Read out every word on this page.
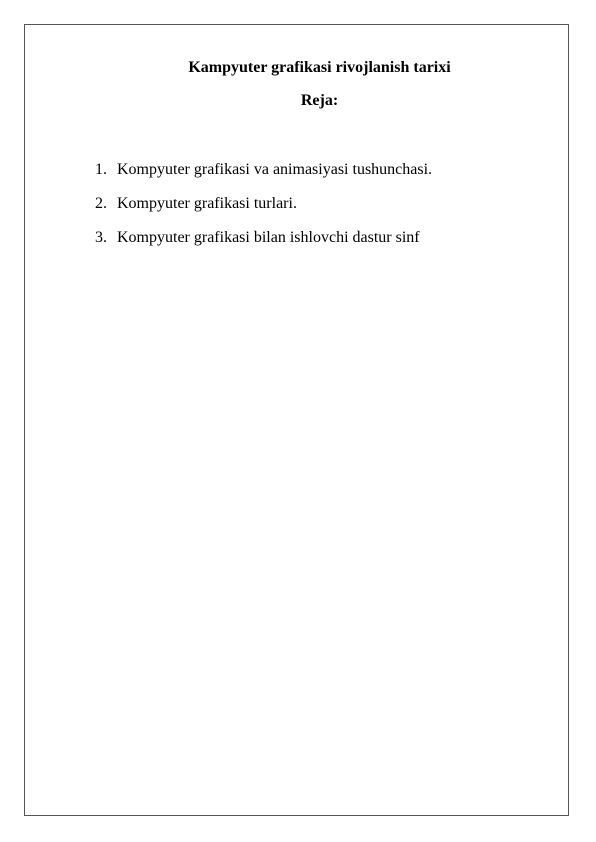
Kampyuter grafikasi rivojlanish tarixi
Reja:
1. Kompyuter grafikasi va animasiyasi tushunchasi.
2. Kompyuter grafikasi turlari.
3. Kompyuter grafikasi bilan ishlovchi dastur sinf
